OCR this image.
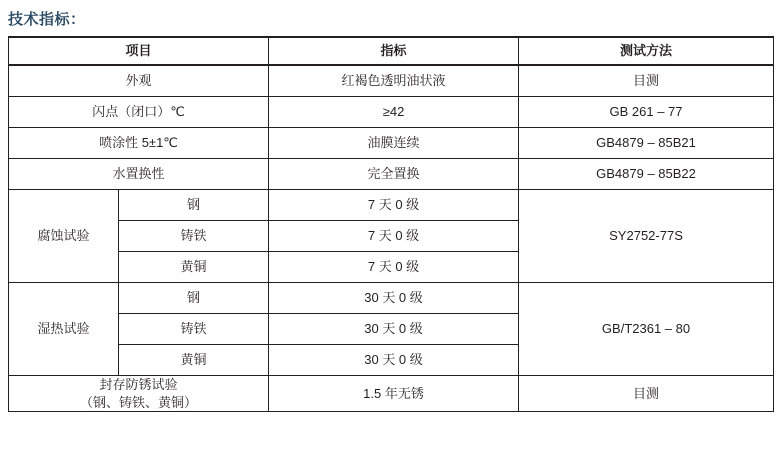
技术指标：
项目		指标	测试方法
外观		红褐色透明油状液	目测
闪点（闭口）℃		≥42	GB 261 – 77
喷涂性 5±1℃		油膜连续	GB4879 – 85B21
水置换性		完全置换	GB4879 – 85B22
腐蚀试验	钢	7 天 0 级	SY2752-77S
	铸铁	7 天 0 级	
	黄铜	7 天 0 级	
湿热试验	钢	30 天 0 级	GB/T2361 – 80
	铸铁	30 天 0 级	
	黄铜	30 天 0 级	

封存防锈试验
（钢、铸铁、黄铜）		1.5 年无锈	目测
